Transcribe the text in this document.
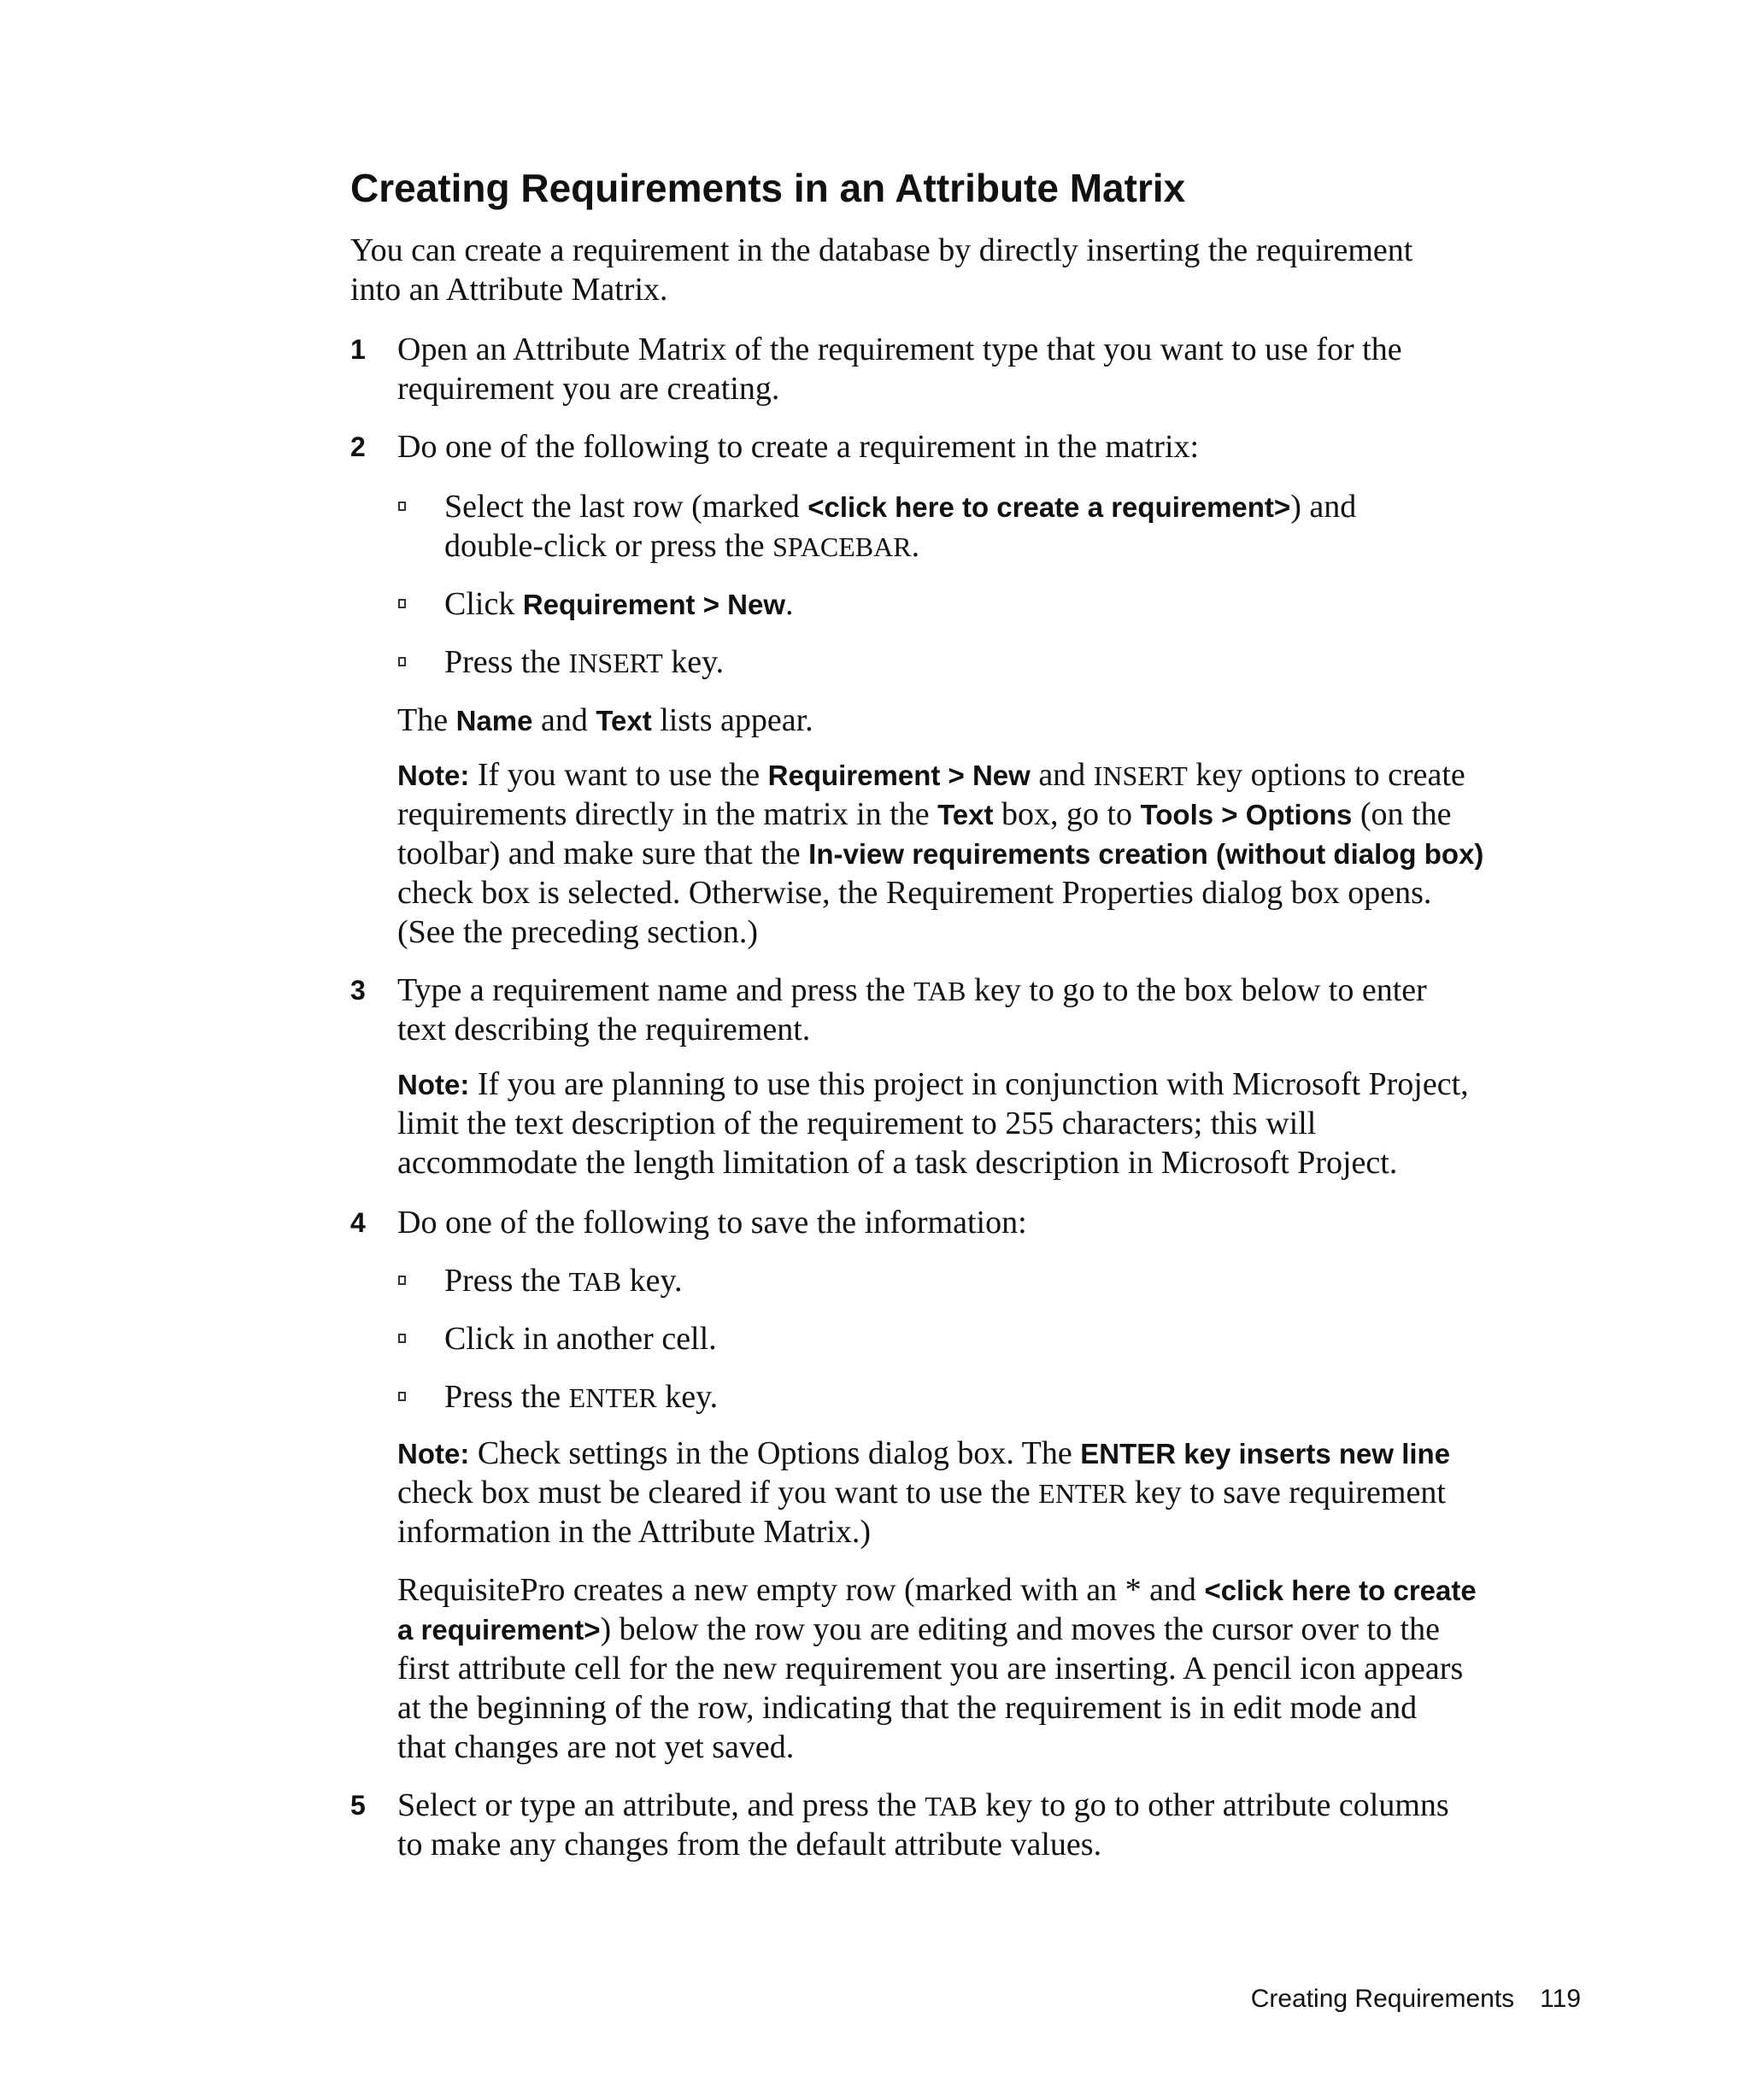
Creating Requirements in an Attribute Matrix

You can create a requirement in the database by directly inserting the requirement

into an Attribute Matrix.

1 Open an Attribute Matrix of the requirement type that you want to use for the

requirement you are creating.

2 Do one of the following to create a requirement in the matrix:

Select the last row (marked <click here to create a requirement>) and

double-click or press the SPACEBAR.

Click Requirement > New.

Press the INSERT key.

The Name and Text lists appear.

Note: If you want to use the Requirement > New and INSERT key options to create

requirements directly in the matrix in the Text box, go to Tools > Options (on the

toolbar) and make sure that the In-view requirements creation (without dialog box)

check box is selected. Otherwise, the Requirement Properties dialog box opens.

(See the preceding section.)

3 Type a requirement name and press the TAB key to go to the box below to enter

text describing the requirement.

Note: If you are planning to use this project in conjunction with Microsoft Project,

limit the text description of the requirement to 255 characters; this will

accommodate the length limitation of a task description in Microsoft Project.

4 Do one of the following to save the information:

Press the TAB key.

Click in another cell.

Press the ENTER key.

Note: Check settings in the Options dialog box. The ENTER key inserts new line

check box must be cleared if you want to use the ENTER key to save requirement

information in the Attribute Matrix.)

RequisitePro creates a new empty row (marked with an * and <click here to create

a requirement>) below the row you are editing and moves the cursor over to the

first attribute cell for the new requirement you are inserting. A pencil icon appears

at the beginning of the row, indicating that the requirement is in edit mode and

that changes are not yet saved.

5 Select or type an attribute, and press the TAB key to go to other attribute columns

to make any changes from the default attribute values.

Creating Requirements 119
